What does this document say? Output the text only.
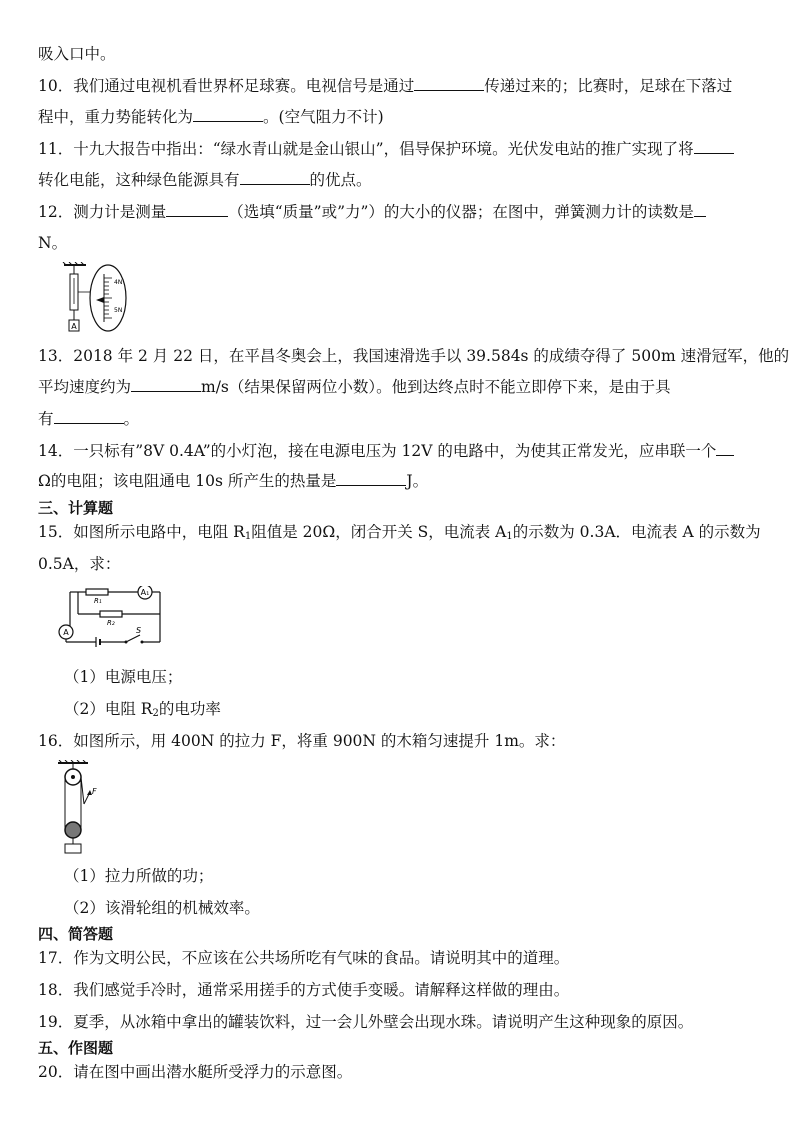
吸入口中。
10．我们通过电视机看世界杯足球赛。电视信号是通过	传递过来的；比赛时，足球在下落过
程中，重力势能转化为	。(空气阻力不计)
11．十九大报告中指出：“绿水青山就是金山银山”，倡导保护环境。光伏发电站的推广实现了将
转化电能，这种绿色能源具有	的优点。
12．测力计是测量	（选填“质量”或”力”）的大小的仪器；在图中，弹簧测力计的读数是
N。
A
4N
5N
13．2018 年 2 月 22 日，在平昌冬奥会上，我国速滑选手以 39.584s 的成绩夺得了 500m 速滑冠军，他的
平均速度约为	m/s（结果保留两位小数）。他到达终点时不能立即停下来，是由于具
有	。
14．一只标有”8V 0.4A”的小灯泡，接在电源电压为 12V 的电路中，为使其正常发光，应串联一个
Ω的电阻；该电阻通电 10s 所产生的热量是	J。
三、计算题
15．如图所示电路中，电阻 $R_1$阻值是 20Ω，闭合开关 S，电流表 $A_1$的示数为 0.3A．电流表 A 的示数为
0.5A，求：
A₁
A
R₁
R₂
S
（1）电源电压；
（2）电阻 $R_2$的电功率
16．如图所示，用 400N 的拉力 F，将重 900N 的木箱匀速提升 1m。求：
F
（1）拉力所做的功；
（2）该滑轮组的机械效率。
四、简答题
17．作为文明公民，不应该在公共场所吃有气味的食品。请说明其中的道理。
18．我们感觉手冷时，通常采用搓手的方式使手变暖。请解释这样做的理由。
19．夏季，从冰箱中拿出的罐装饮料，过一会儿外壁会出现水珠。请说明产生这种现象的原因。
五、作图题
20．请在图中画出潜水艇所受浮力的示意图。
